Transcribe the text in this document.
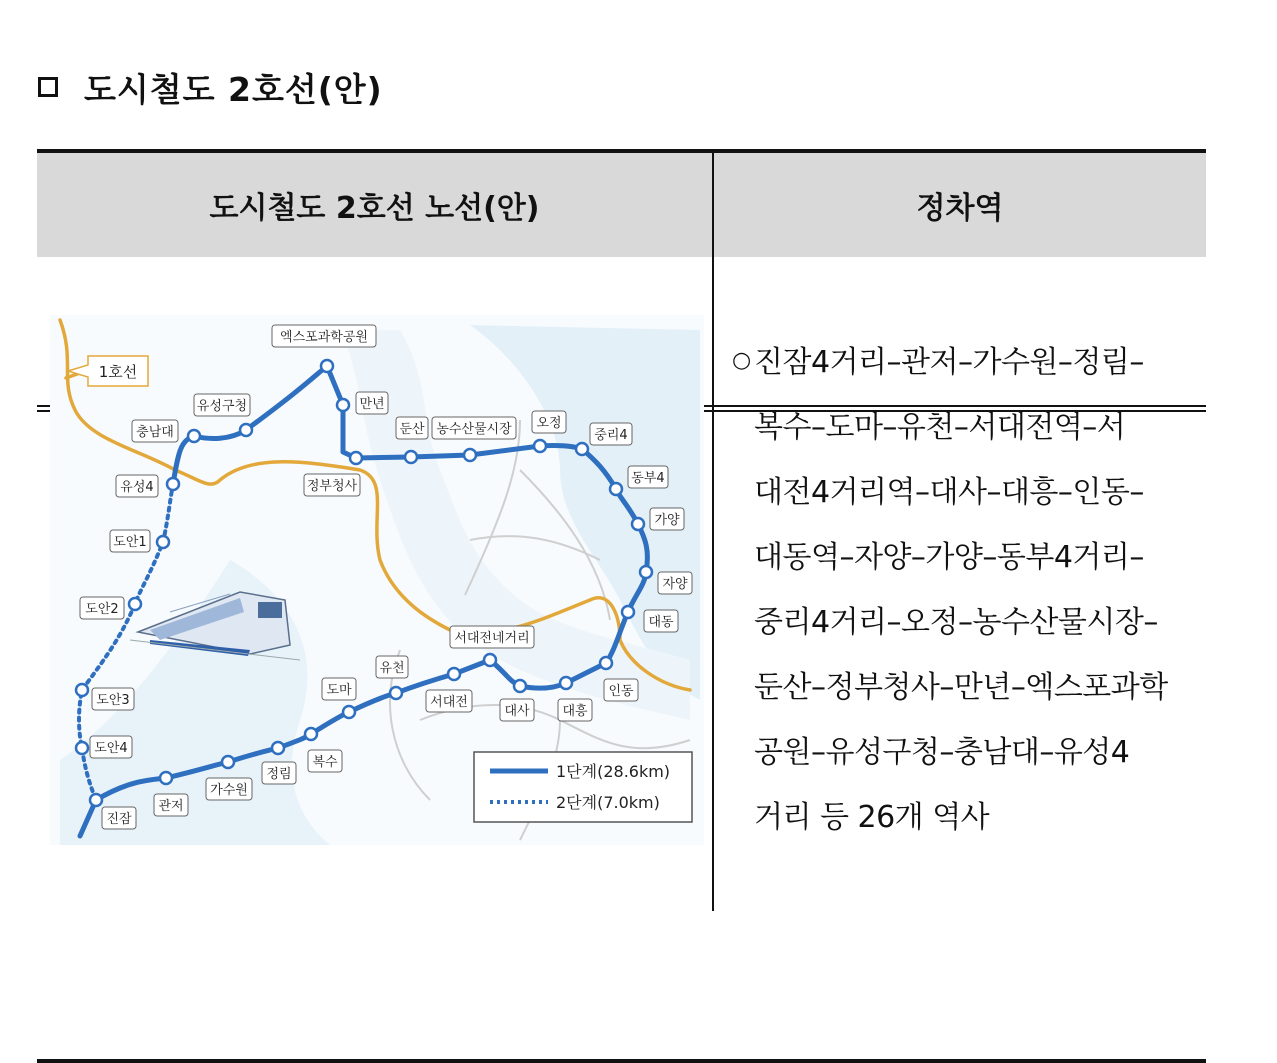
도시철도 2호선(안)
도시철도 2호선 노선(안)	정차역
엑스포과학공원
만년
유성구청
충남대	둔산 농수산물시장 오정
중리4
유성4	정부청사
동부4
가양
도안1
자양
도안2
대동
서대전네거리
유천
도마
서대전
인동
대사	대흥
도안3
도안4
복수
정림
가수원
관저
진잠
1호선
1단계(28.6km)
2단계(7.0km)
○ 진잠4거리–관저–가수원–정림–
복수–도마–유천–서대전역–서
대전4거리역–대사–대흥–인동–
대동역–자양–가양–동부4거리–
중리4거리–오정–농수산물시장–
둔산–정부청사–만년–엑스포과학
공원–유성구청–충남대–유성4
거리 등 26개 역사
